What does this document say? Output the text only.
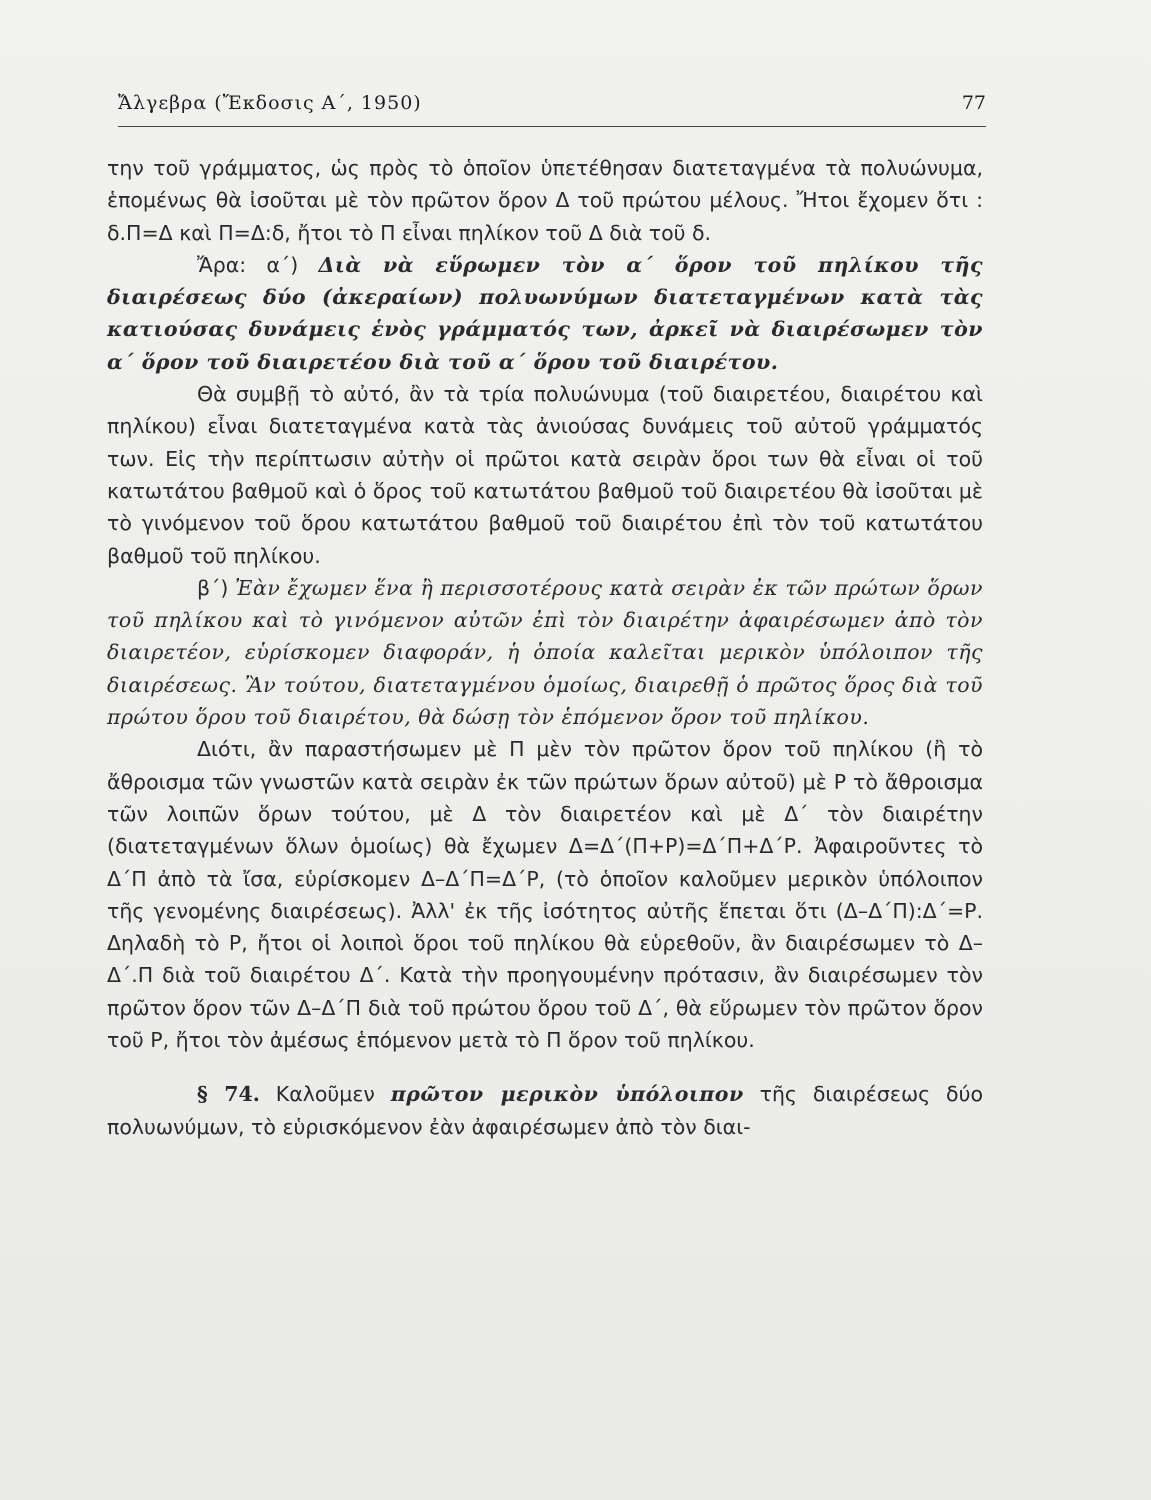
Ἄλγεβρα (Ἔκδοσις Α΄, 1950)	77

την τοῦ γράμματος, ὡς πρὸς τὸ ὁποῖον ὑπετέθησαν διατεταγμένα τὰ πολυώνυμα, ἑπομένως θὰ ἰσοῦται μὲ τὸν πρῶτον ὅρον Δ τοῦ πρώτου μέλους. Ἤτοι ἔχομεν ὅτι : δ.Π=Δ καὶ Π=Δ:δ, ἤτοι τὸ Π εἶναι πηλίκον τοῦ Δ διὰ τοῦ δ.

Ἄρα: α΄) Διὰ νὰ εὕρωμεν τὸν α΄ ὅρον τοῦ πηλίκου τῆς διαιρέσεως δύο (ἀκεραίων) πολυωνύμων διατεταγμένων κατὰ τὰς κατιούσας δυνάμεις ἑνὸς γράμματός των, ἀρκεῖ νὰ διαιρέσωμεν τὸν α΄ ὅρον τοῦ διαιρετέου διὰ τοῦ α΄ ὅρου τοῦ διαιρέτου.

Θὰ συμβῇ τὸ αὐτό, ἂν τὰ τρία πολυώνυμα (τοῦ διαιρετέου, διαιρέτου καὶ πηλίκου) εἶναι διατεταγμένα κατὰ τὰς ἀνιούσας δυνάμεις τοῦ αὐτοῦ γράμματός των. Εἰς τὴν περίπτωσιν αὐτὴν οἱ πρῶτοι κατὰ σειρὰν ὅροι των θὰ εἶναι οἱ τοῦ κατωτάτου βαθμοῦ καὶ ὁ ὅρος τοῦ κατωτάτου βαθμοῦ τοῦ διαιρετέου θὰ ἰσοῦται μὲ τὸ γινόμενον τοῦ ὅρου κατωτάτου βαθμοῦ τοῦ διαιρέτου ἐπὶ τὸν τοῦ κατωτάτου βαθμοῦ τοῦ πηλίκου.

β΄) Ἐὰν ἔχωμεν ἕνα ἢ περισσοτέρους κατὰ σειρὰν ἐκ τῶν πρώτων ὅρων τοῦ πηλίκου καὶ τὸ γινόμενον αὐτῶν ἐπὶ τὸν διαιρέτην ἀφαιρέσωμεν ἀπὸ τὸν διαιρετέον, εὑρίσκομεν διαφοράν, ἡ ὁποία καλεῖται μερικὸν ὑπόλοιπον τῆς διαιρέσεως. Ἂν τούτου, διατεταγμένου ὁμοίως, διαιρεθῇ ὁ πρῶτος ὅρος διὰ τοῦ πρώτου ὅρου τοῦ διαιρέτου, θὰ δώσῃ τὸν ἑπόμενον ὅρον τοῦ πηλίκου.

Διότι, ἂν παραστήσωμεν μὲ Π μὲν τὸν πρῶτον ὅρον τοῦ πηλίκου (ἢ τὸ ἄθροισμα τῶν γνωστῶν κατὰ σειρὰν ἐκ τῶν πρώτων ὅρων αὐτοῦ) μὲ Ρ τὸ ἄθροισμα τῶν λοιπῶν ὅρων τούτου, μὲ Δ τὸν διαιρετέον καὶ μὲ Δ΄ τὸν διαιρέτην (διατεταγμένων ὅλων ὁμοίως) θὰ ἔχωμεν Δ=Δ΄(Π+Ρ)=Δ΄Π+Δ΄Ρ. Ἀφαιροῦντες τὸ Δ΄Π ἀπὸ τὰ ἴσα, εὑρίσκομεν Δ–Δ΄Π=Δ΄Ρ, (τὸ ὁποῖον καλοῦμεν μερικὸν ὑπόλοιπον τῆς γενομένης διαιρέσεως). Ἀλλ' ἐκ τῆς ἰσότητος αὐτῆς ἕπεται ὅτι (Δ–Δ΄Π):Δ΄=Ρ. Δηλαδὴ τὸ Ρ, ἤτοι οἱ λοιποὶ ὅροι τοῦ πηλίκου θὰ εὑρεθοῦν, ἂν διαιρέσωμεν τὸ Δ–Δ΄.Π διὰ τοῦ διαιρέτου Δ΄. Κατὰ τὴν προηγουμένην πρότασιν, ἂν διαιρέσωμεν τὸν πρῶτον ὅρον τῶν Δ–Δ΄Π διὰ τοῦ πρώτου ὅρου τοῦ Δ΄, θὰ εὕρωμεν τὸν πρῶτον ὅρον τοῦ Ρ, ἤτοι τὸν ἀμέσως ἑπόμενον μετὰ τὸ Π ὅρον τοῦ πηλίκου.

§ 74. Καλοῦμεν πρῶτον μερικὸν ὑπόλοιπον τῆς διαιρέσεως δύο πολυωνύμων, τὸ εὑρισκόμενον ἐὰν ἀφαιρέσωμεν ἀπὸ τὸν διαι-
